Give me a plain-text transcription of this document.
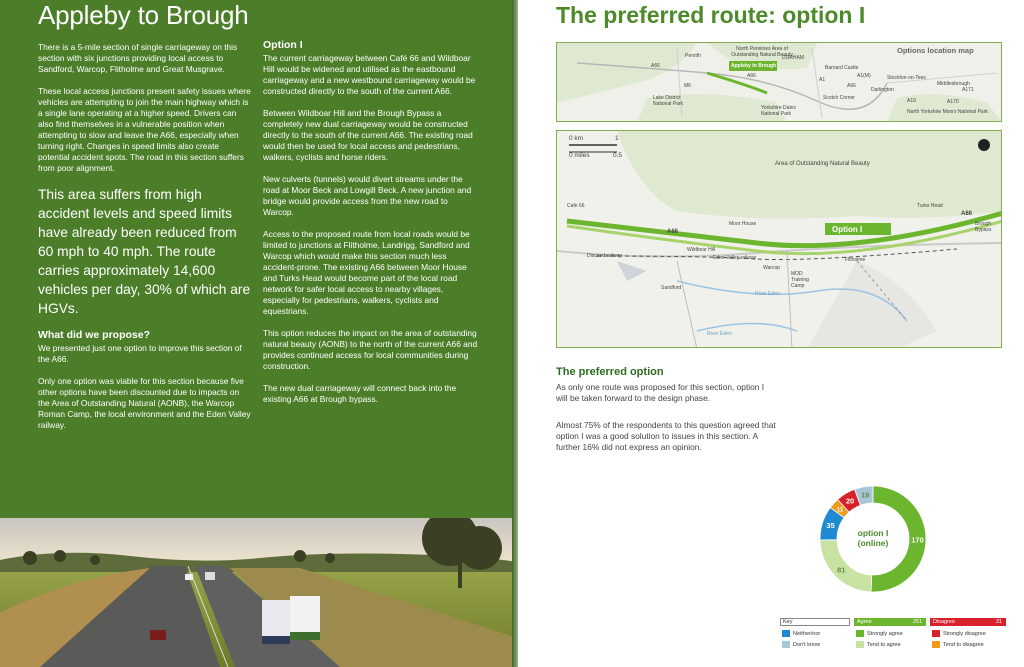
Appleby to Brough

There is a 5-mile section of single carriageway on this section with six junctions providing local access to Sandford, Warcop, Flitholme and Great Musgrave.

These local access junctions present safety issues where vehicles are attempting to join the main highway which is a single lane operating at a higher speed. Drivers can also find themselves in a vulnerable position when attempting to slow and leave the A66, especially when turning right. Changes in speed limits also create potential accident spots. The road in this section suffers from poor alignment.

This area suffers from high accident levels and speed limits have already been reduced from 60 mph to 40 mph. The route carries approximately 14,600 vehicles per day, 30% of which are HGVs.
What did we propose?

We presented just one option to improve this section of the A66.

Only one option was viable for this section because five other options have been discounted due to impacts on the Area of Outstanding Natural (AONB), the Warcop Roman Camp, the local environment and the Eden Valley railway.

Option I

The current carriageway between Café 66 and Wildboar Hill would be widened and utilised as the eastbound carriageway and a new westbound carriageway would be constructed directly to the south of the current A66.

Between Wildboar Hill and the Brough Bypass a completely new dual carriageway would be constructed directly to the south of the current A66. The existing road would then be used for local access and pedestrians, walkers, cyclists and horse riders.

New culverts (tunnels) would divert streams under the road at Moor Beck and Lowgill Beck. A new junction and bridge would provide access from the new road to Warcop.

Access to the proposed route from local roads would be limited to junctions at Flitholme, Landrigg, Sandford and Warcop which would make this section much less accident-prone. The existing A66 between Moor House and Turks Head would become part of the local road network for safer local access to nearby villages, especially for pedestrians, walkers, cyclists and equestrians.

This option reduces the impact on the area of outstanding natural beauty (AONB) to the north of the current A66 and provides continued access for local communities during construction.

The new dual carriageway will connect back into the existing A66 at Brough bypass.

The preferred route: option I
Options location map
North Pennines Area of Outstanding Natural Beauty
Penrith	DURHAM
Barnard Castle
Appleby to Brough
Lake District National Park
Yorkshire Dales National Park	North Yorkshire Moors National Park
Stockton-on-Tees
Middlesbrough
Darlington
Scotch Corner
A1(M)
A66
A66
A66
M6
A1
A171
A19	A170
0 km	1
0 miles	0.5
Area of Outstanding Natural Beauty
Option I
Cafe 66
Moor House
Turks Head
Wildboar Hill
Warcop
MOD Training Camp
Sandford
Flitholme
Brough Bypass
Disused railway	Eden Valley railway
River Eden
River Eden
A66
A66
The preferred option
As only one route was proposed for this section, option I will be taken forward to the design phase.
Almost 75% of the respondents to this question agreed that option I was a good solution to issues in this section. A further 16% did not express an opinion.
170
81
35
11
20
19
option I
(online)
Key	Agree	251	Disagree	31
Neither/nor
Don't know
Strongly agree
Tend to agree
Strongly disagree
Tend to disagree
